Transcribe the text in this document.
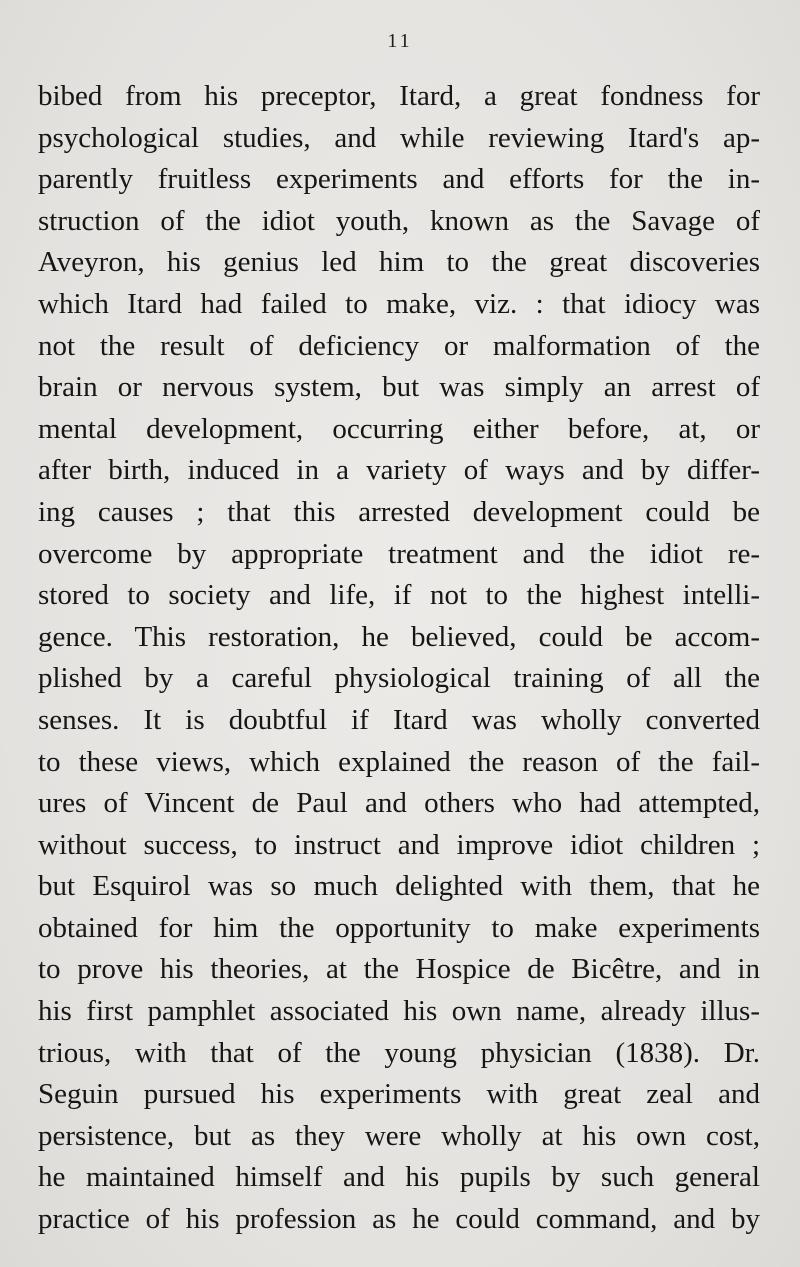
11
bibed from his preceptor, Itard, a great fondness for
psychological studies, and while reviewing Itard's ap-
parently fruitless experiments and efforts for the in-
struction of the idiot youth, known as the Savage of
Aveyron, his genius led him to the great discoveries
which Itard had failed to make, viz. : that idiocy was
not the result of deficiency or malformation of the
brain or nervous system, but was simply an arrest of
mental development, occurring either before, at, or
after birth, induced in a variety of ways and by differ-
ing causes ; that this arrested development could be
overcome by appropriate treatment and the idiot re-
stored to society and life, if not to the highest intelli-
gence. This restoration, he believed, could be accom-
plished by a careful physiological training of all the
senses. It is doubtful if Itard was wholly converted
to these views, which explained the reason of the fail-
ures of Vincent de Paul and others who had attempted,
without success, to instruct and improve idiot children ;
but Esquirol was so much delighted with them, that he
obtained for him the opportunity to make experiments
to prove his theories, at the Hospice de Bicêtre, and in
his first pamphlet associated his own name, already illus-
trious, with that of the young physician (1838). Dr.
Seguin pursued his experiments with great zeal and
persistence, but as they were wholly at his own cost,
he maintained himself and his pupils by such general
practice of his profession as he could command, and by
